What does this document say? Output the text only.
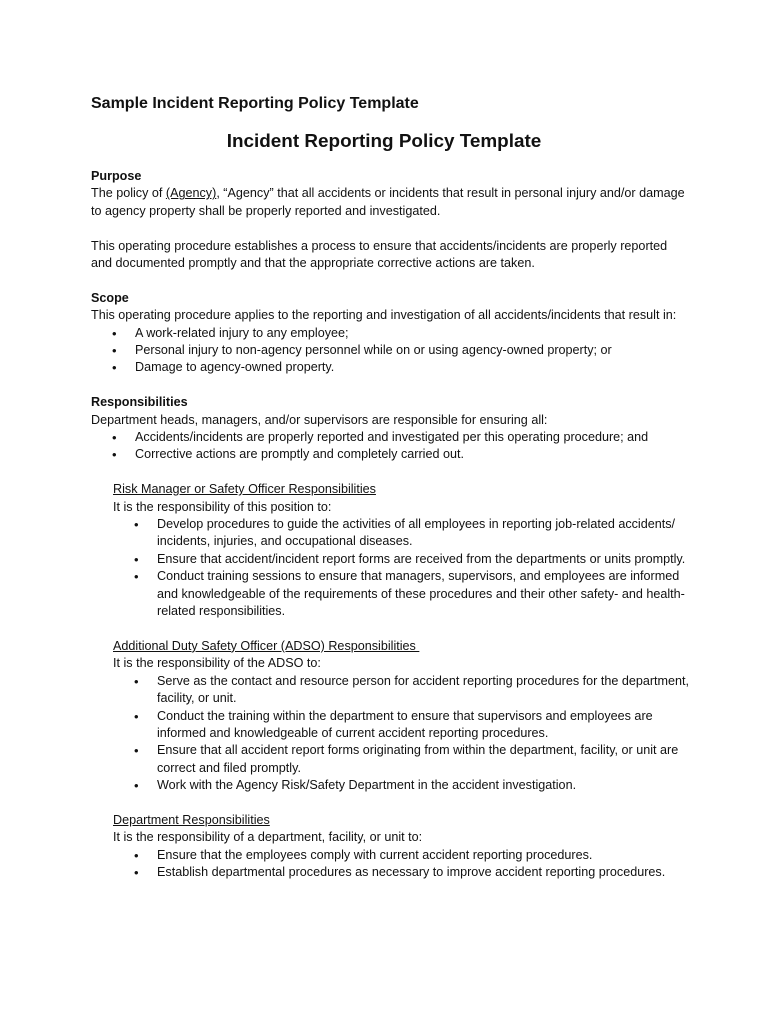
Sample Incident Reporting Policy Template
Incident Reporting Policy Template

Purpose

The policy of (Agency), “Agency” that all accidents or incidents that result in personal injury and/or damage to agency property shall be properly reported and investigated.

This operating procedure establishes a process to ensure that accidents/incidents are properly reported and documented promptly and that the appropriate corrective actions are taken.

Scope

This operating procedure applies to the reporting and investigation of all accidents/incidents that result in:

• A work-related injury to any employee;
• Personal injury to non-agency personnel while on or using agency-owned property; or
• Damage to agency-owned property.

Responsibilities

Department heads, managers, and/or supervisors are responsible for ensuring all:

• Accidents/incidents are properly reported and investigated per this operating procedure; and
• Corrective actions are promptly and completely carried out.

Risk Manager or Safety Officer Responsibilities

It is the responsibility of this position to:

• Develop procedures to guide the activities of all employees in reporting job-related accidents/ incidents, injuries, and occupational diseases.
• Ensure that accident/incident report forms are received from the departments or units promptly.
• Conduct training sessions to ensure that managers, supervisors, and employees are informed and knowledgeable of the requirements of these procedures and their other safety- and health-related responsibilities.

Additional Duty Safety Officer (ADSO) Responsibilities

It is the responsibility of the ADSO to:

• Serve as the contact and resource person for accident reporting procedures for the department, facility, or unit.
• Conduct the training within the department to ensure that supervisors and employees are informed and knowledgeable of current accident reporting procedures.
• Ensure that all accident report forms originating from within the department, facility, or unit are correct and filed promptly.
• Work with the Agency Risk/Safety Department in the accident investigation.

Department Responsibilities

It is the responsibility of a department, facility, or unit to:

• Ensure that the employees comply with current accident reporting procedures.
• Establish departmental procedures as necessary to improve accident reporting procedures.
